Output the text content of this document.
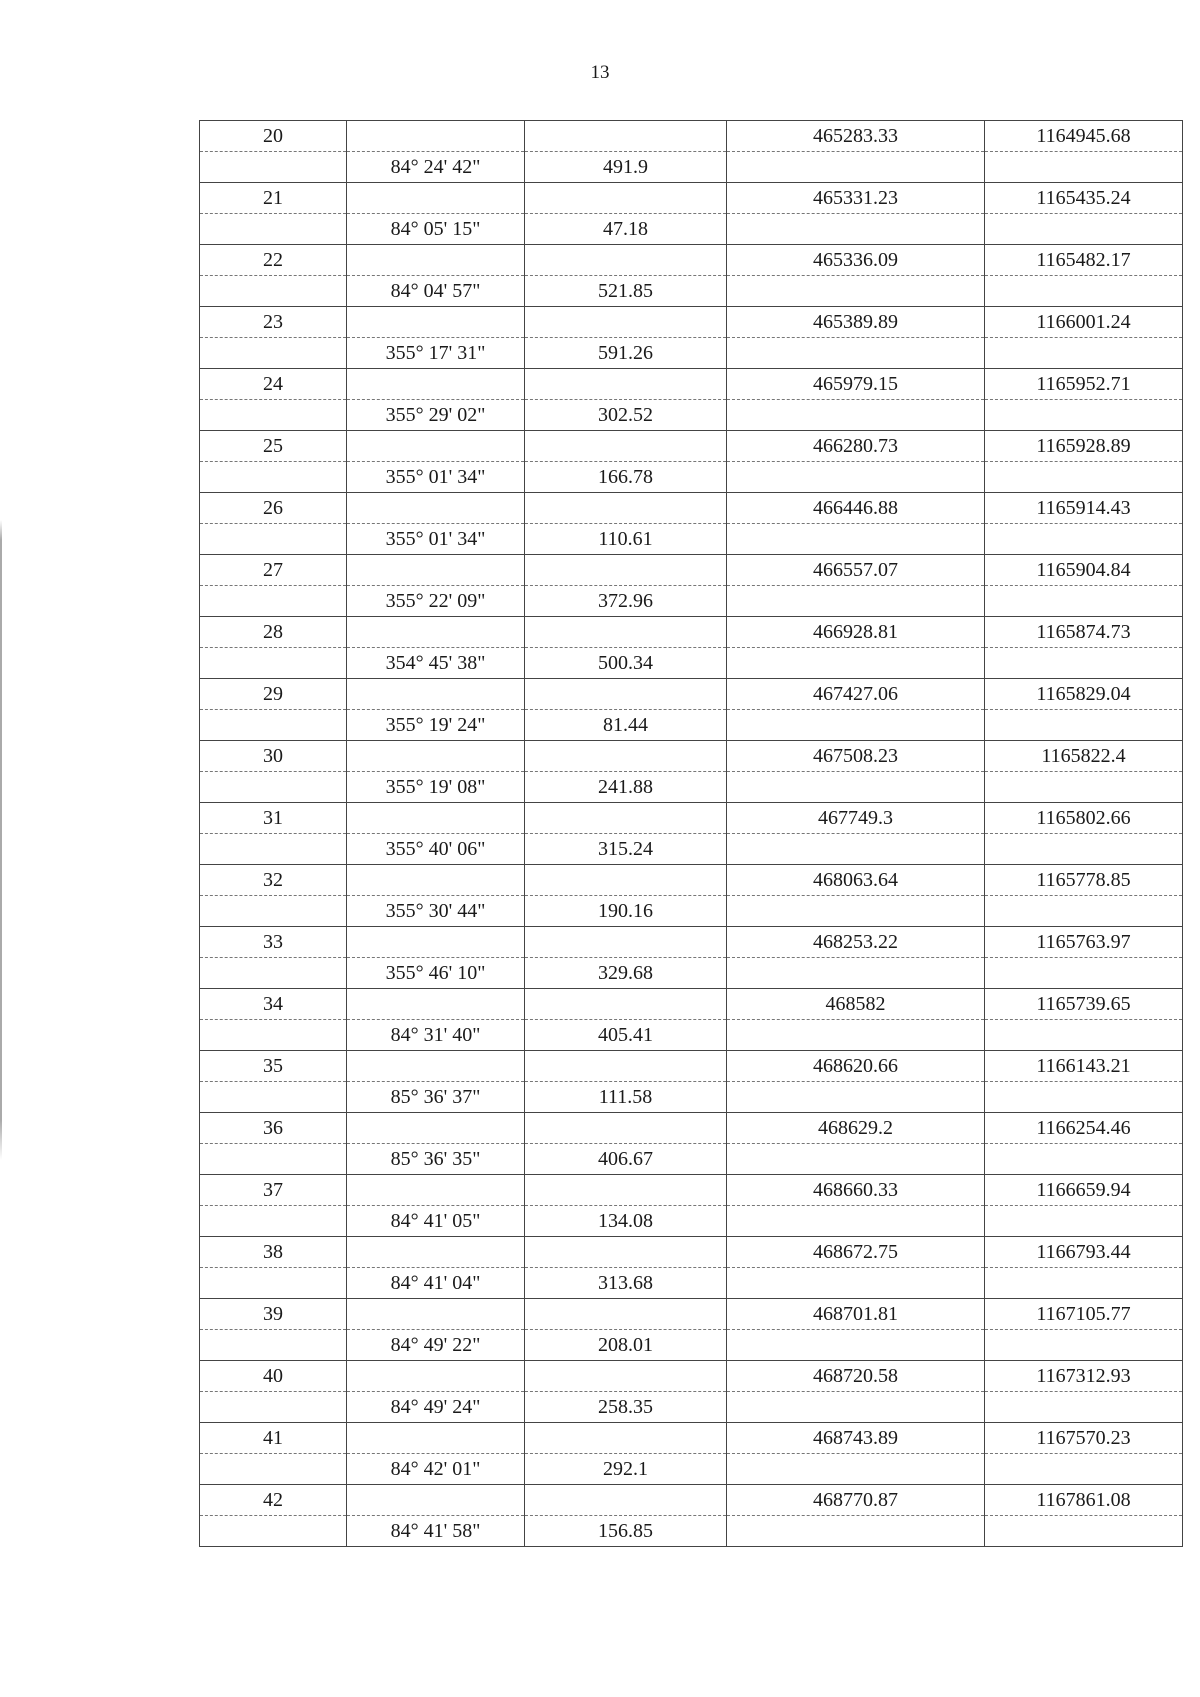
13
20			465283.33	1164945.68
	84° 24' 42"	491.9		
21			465331.23	1165435.24
	84° 05' 15"	47.18		
22			465336.09	1165482.17
	84° 04' 57"	521.85		
23			465389.89	1166001.24
	355° 17' 31"	591.26		
24			465979.15	1165952.71
	355° 29' 02"	302.52		
25			466280.73	1165928.89
	355° 01' 34"	166.78		
26			466446.88	1165914.43
	355° 01' 34"	110.61		
27			466557.07	1165904.84
	355° 22' 09"	372.96		
28			466928.81	1165874.73
	354° 45' 38"	500.34		
29			467427.06	1165829.04
	355° 19' 24"	81.44		
30			467508.23	1165822.4
	355° 19' 08"	241.88		
31			467749.3	1165802.66
	355° 40' 06"	315.24		
32			468063.64	1165778.85
	355° 30' 44"	190.16		
33			468253.22	1165763.97
	355° 46' 10"	329.68		
34			468582	1165739.65
	84° 31' 40"	405.41		
35			468620.66	1166143.21
	85° 36' 37"	111.58		
36			468629.2	1166254.46
	85° 36' 35"	406.67		
37			468660.33	1166659.94
	84° 41' 05"	134.08		
38			468672.75	1166793.44
	84° 41' 04"	313.68		
39			468701.81	1167105.77
	84° 49' 22"	208.01		
40			468720.58	1167312.93
	84° 49' 24"	258.35		
41			468743.89	1167570.23
	84° 42' 01"	292.1		
42			468770.87	1167861.08
	84° 41' 58"	156.85		
